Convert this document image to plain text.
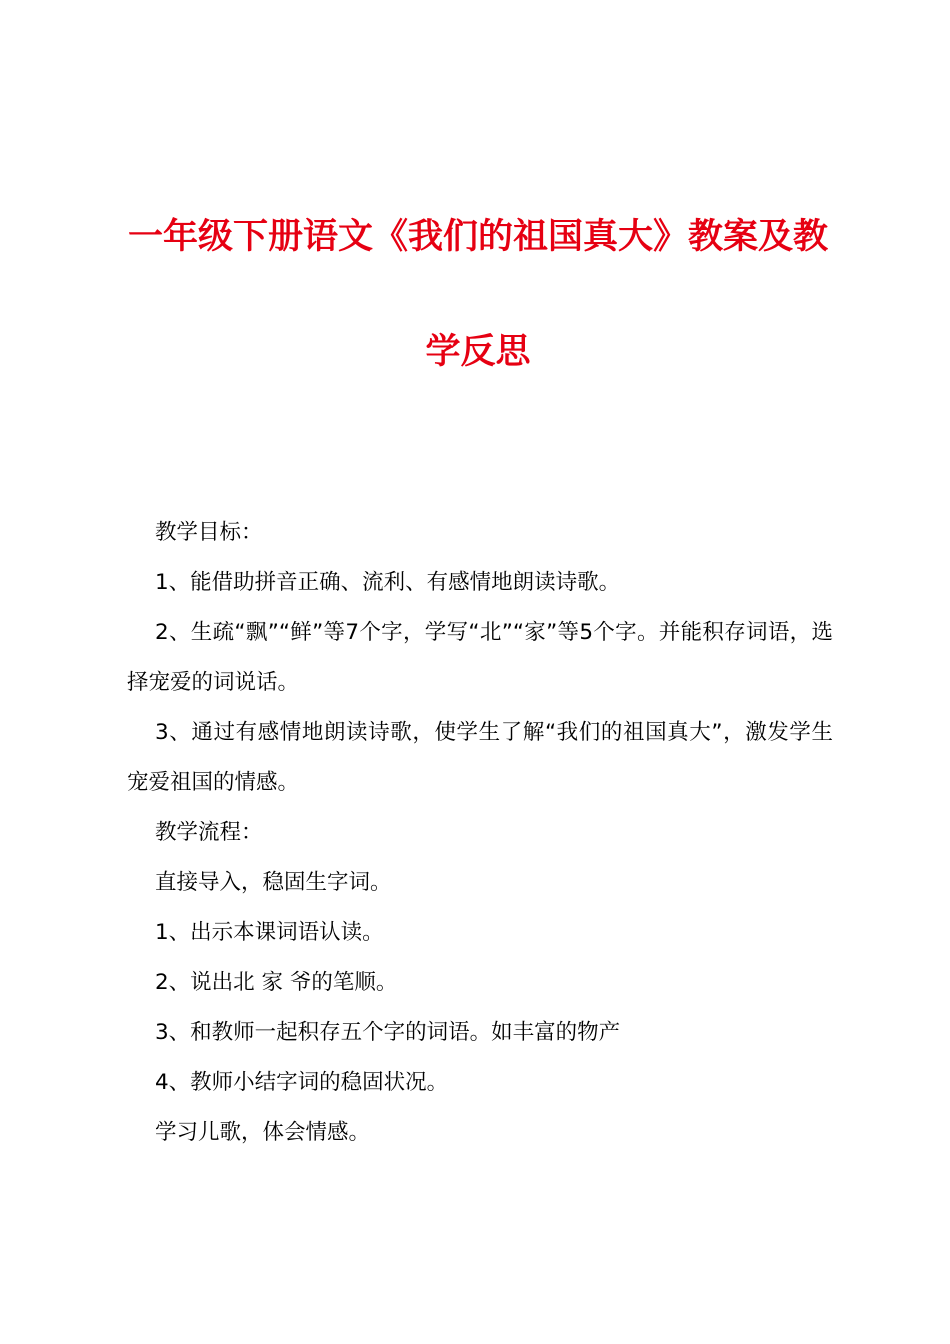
一年级下册语文《我们的祖国真大》教案及教学反思

教学目标：

1、能借助拼音正确、流利、有感情地朗读诗歌。

2、生疏“飘”“鲜”等7个字，学写“北”“家”等5个字。并能积存词语，选择宠爱的词说话。

3、通过有感情地朗读诗歌，使学生了解“我们的祖国真大”，激发学生宠爱祖国的情感。

教学流程：

直接导入，稳固生字词。

1、出示本课词语认读。

2、说出北 家 爷的笔顺。

3、和教师一起积存五个字的词语。如丰富的物产

4、教师小结字词的稳固状况。

学习儿歌，体会情感。
